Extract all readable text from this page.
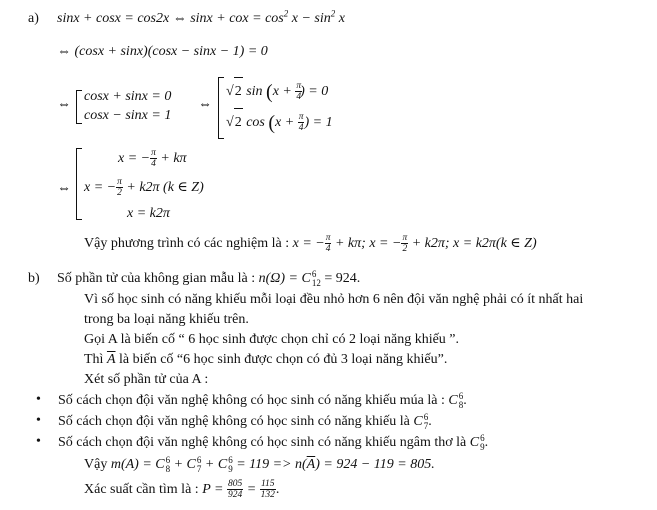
a) sinx + cosx = cos2x ⇔ sinx + cox = $\cos^2 x - \sin^2 x$
⇔ (cosx + sinx)(cosx − sinx − 1) = 0
⇔
cosx + sinx = 0
cosx − sinx = 1
⇔
√2 $\sin (x + \frac{\pi}{4}$
) = 0
√2 $\cos (x + \frac{\pi}{4}$ ) = 1
⇔
x = − $\frac{\pi}{4} + k\pi$
x = − $\frac{\pi}{2} + k2\pi$ (k ∈ Z)
x = k2π
Vậy phương trình có các nghiệm là : x = − $\frac{\pi}{4} + k\pi$; x = − $\frac{\pi}{2} + k2\pi$; x = k2π(k ∈ Z)
b) Số phần tử của không gian mẫu là : n(Ω) = C 6
12 = 924.
Vì số học sinh có năng khiếu mỗi loại đều nhỏ hơn 6 nên đội văn nghệ phải có ít nhất hai
trong ba loại năng khiếu trên.
Gọi A là biến cố “ 6 học sinh được chọn chỉ có 2 loại năng khiếu ”.
Thì $\overline{A}$ là biến cố “6 học sinh được chọn có đủ 3 loại năng khiếu”.
Xét số phần tử của A :
• Số cách chọn đội văn nghệ không có học sinh có năng khiếu múa là : C 6
8 .
• Số cách chọn đội văn nghệ không có học sinh có năng khiếu là C 6
7 .
• Số cách chọn đội văn nghệ không có học sinh có năng khiếu ngâm thơ là C 6
9 .
Vậy m(A) = C 6
8 + C 6
7 + C 6
$9 = 119 => n(\overline{A}) = 924 - 119 = 805$.
Xác suất cần tìm là : $P = \frac{805}{924} = \frac{115}{132}$ .
